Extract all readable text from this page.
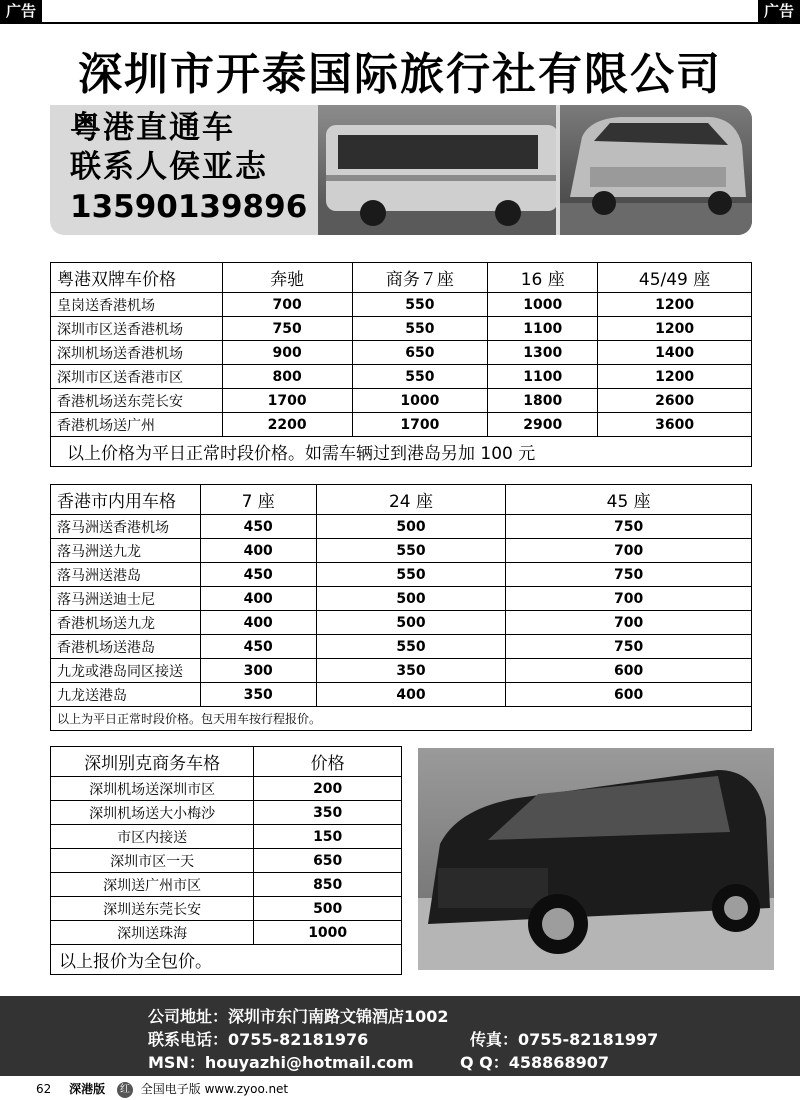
广告	广告
深圳市开泰国际旅行社有限公司
粤港直通车
联系人侯亚志
13590139896
粤港双牌车价格	奔驰	商务７座	16 座	45/49 座
皇岗送香港机场	700	550	1000	1200
深圳市区送香港机场	750	550	1100	1200
深圳机场送香港机场	900	650	1300	1400
深圳市区送香港市区	800	550	1100	1200
香港机场送东莞长安	1700	1000	1800	2600
香港机场送广州	2200	1700	2900	3600
以上价格为平日正常时段价格。如需车辆过到港岛另加 100 元				
香港市内用车格	7 座	24 座	45 座
落马洲送香港机场	450	500	750
落马洲送九龙	400	550	700
落马洲送港岛	450	550	750
落马洲送迪士尼	400	500	700
香港机场送九龙	400	500	700
香港机场送港岛	450	550	750
九龙或港岛同区接送	300	350	600
九龙送港岛	350	400	600
以上为平日正常时段价格。包天用车按行程报价。			
深圳别克商务车格	价格
深圳机场送深圳市区	200
深圳机场送大小梅沙	350
市区内接送	150
深圳市区一天	650
深圳送广州市区	850
深圳送东莞长安	500
深圳送珠海	1000
以上报价为全包价。	
公司地址：深圳市东门南路文锦酒店1002
联系电话：0755-82181976	传真：0755-82181997
MSN：houyazhi@hotmail.com	Q Q：458868907
62 深港版 红 全国电子版 www.zyoo.net
